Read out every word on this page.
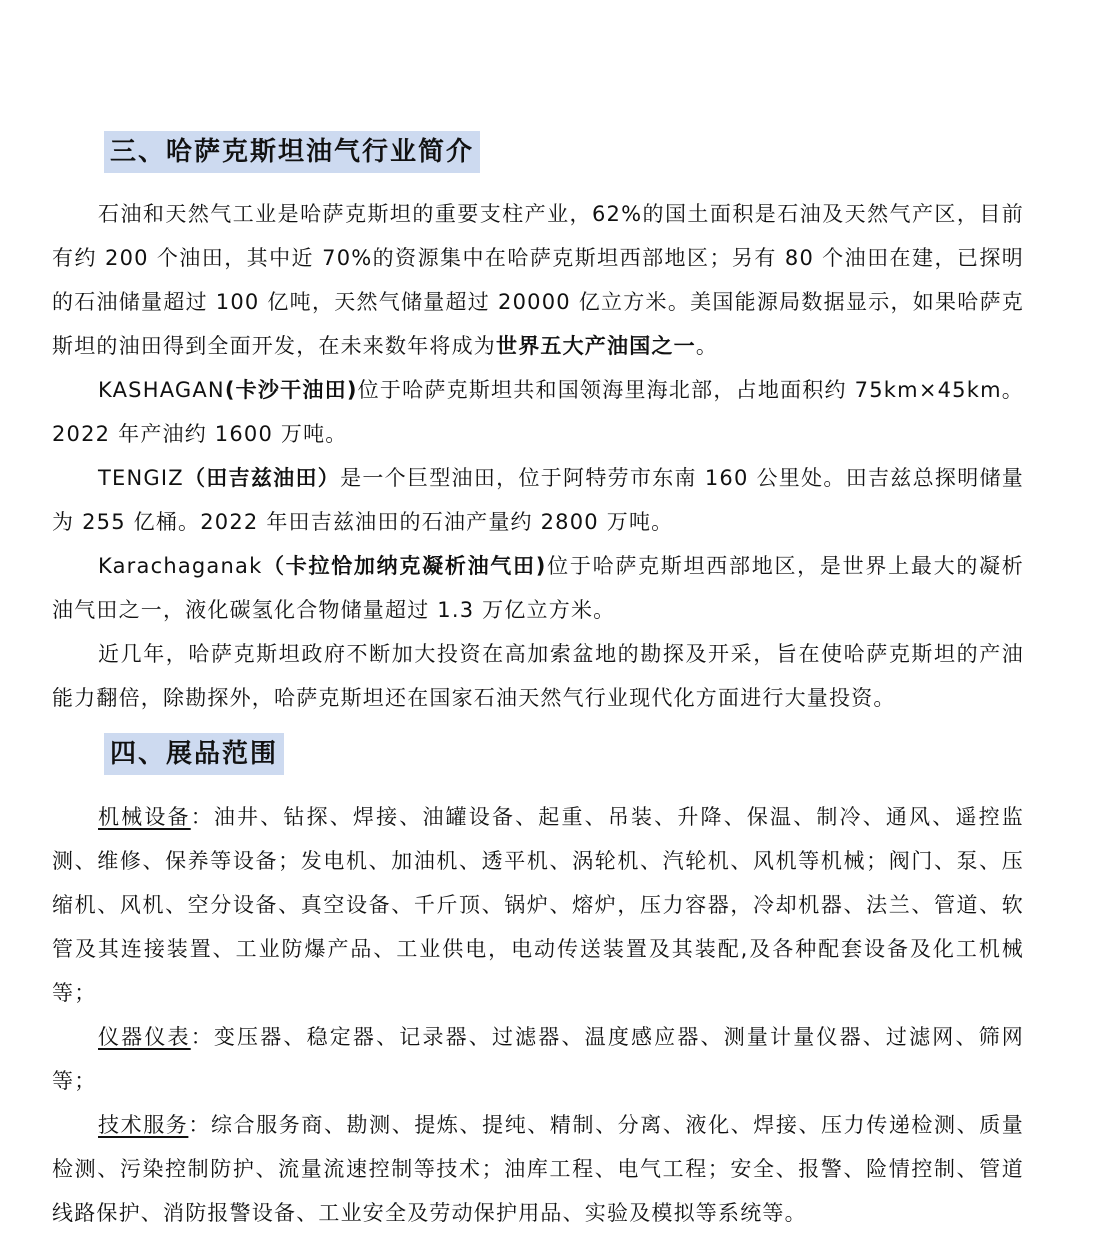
三、哈萨克斯坦油气行业简介

石油和天然气工业是哈萨克斯坦的重要支柱产业，62%的国土面积是石油及天然气产区，目前有约 200 个油田，其中近 70%的资源集中在哈萨克斯坦西部地区；另有 80 个油田在建，已探明的石油储量超过 100 亿吨，天然气储量超过 20000 亿立方米。美国能源局数据显示，如果哈萨克斯坦的油田得到全面开发，在未来数年将成为世界五大产油国之一。

KASHAGAN(卡沙干油田)位于哈萨克斯坦共和国领海里海北部，占地面积约 75km×45km。2022 年产油约 1600 万吨。

TENGIZ（田吉兹油田）是一个巨型油田，位于阿特劳市东南 160 公里处。田吉兹总探明储量为 255 亿桶。2022 年田吉兹油田的石油产量约 2800 万吨。

Karachaganak（卡拉恰加纳克凝析油气田)位于哈萨克斯坦西部地区，是世界上最大的凝析油气田之一，液化碳氢化合物储量超过 1.3 万亿立方米。

近几年，哈萨克斯坦政府不断加大投资在高加索盆地的勘探及开采，旨在使哈萨克斯坦的产油能力翻倍，除勘探外，哈萨克斯坦还在国家石油天然气行业现代化方面进行大量投资。

四、展品范围

机械设备：油井、钻探、焊接、油罐设备、起重、吊装、升降、保温、制冷、通风、遥控监测、维修、保养等设备；发电机、加油机、透平机、涡轮机、汽轮机、风机等机械；阀门、泵、压缩机、风机、空分设备、真空设备、千斤顶、锅炉、熔炉，压力容器，冷却机器、法兰、管道、软管及其连接装置、工业防爆产品、工业供电，电动传送装置及其装配,及各种配套设备及化工机械等；

仪器仪表：变压器、稳定器、记录器、过滤器、温度感应器、测量计量仪器、过滤网、筛网等；

技术服务：综合服务商、勘测、提炼、提纯、精制、分离、液化、焊接、压力传递检测、质量检测、污染控制防护、流量流速控制等技术；油库工程、电气工程；安全、报警、险情控制、管道线路保护、消防报警设备、工业安全及劳动保护用品、实验及模拟等系统等。
